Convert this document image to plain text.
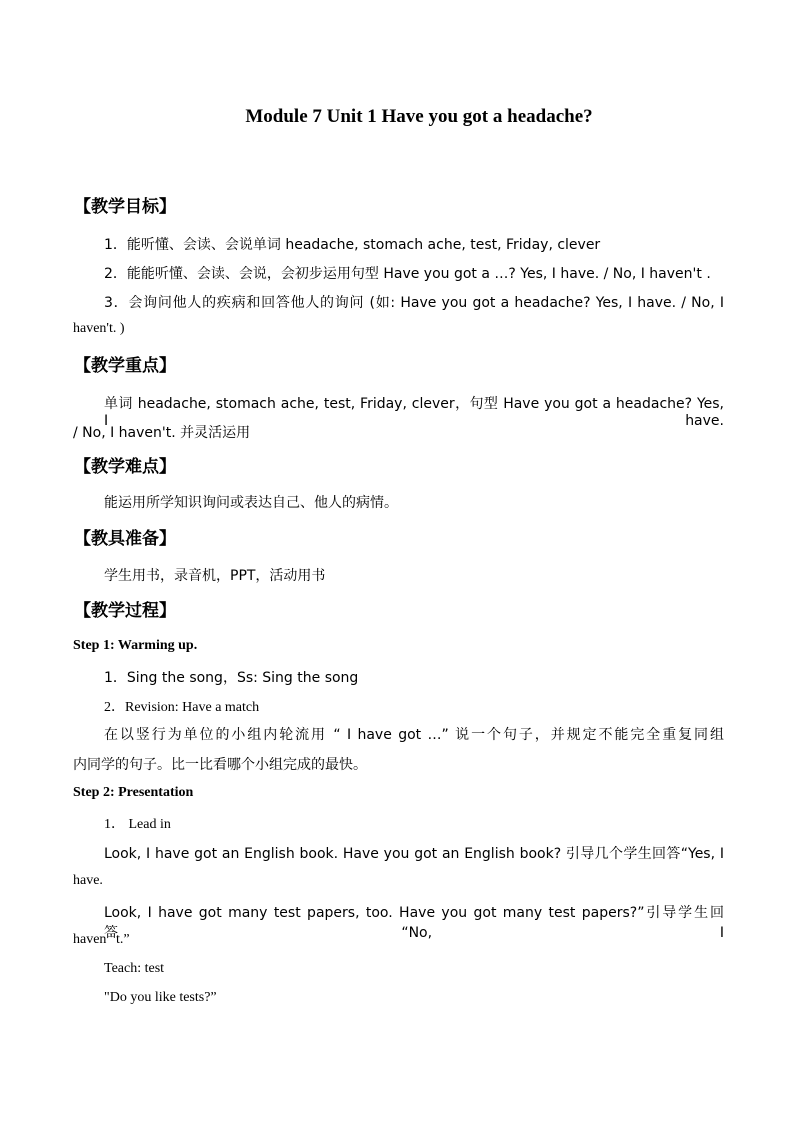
Module 7 Unit 1 Have you got a headache?
【教学目标】
1．能听懂、会读、会说单词 headache, stomach ache, test, Friday, clever
2．能能听懂、会读、会说，会初步运用句型 Have you got a …? Yes, I have. / No, I haven't .
3．会询问他人的疾病和回答他人的询问 (如: Have you got a headache? Yes, I have. / No, I
haven't. )
【教学重点】
单词 headache, stomach ache, test, Friday, clever，句型 Have you got a headache? Yes, I have.
/ No, I haven't. 并灵活运用
【教学难点】
能运用所学知识询问或表达自己、他人的病情。
【教具准备】
学生用书，录音机，PPT，活动用书
【教学过程】
Step 1: Warming up.
1．Sing the song，Ss: Sing the song
2．Revision: Have a match
在以竖行为单位的小组内轮流用 “ I have got …” 说一个句子，并规定不能完全重复同组
内同学的句子。比一比看哪个小组完成的最快。
Step 2: Presentation
1． Lead in
Look, I have got an English book. Have you got an English book? 引导几个学生回答“Yes, I
have.
Look, I have got many test papers, too. Have you got many test papers?”引导学生回答“No, I
haven ' t.”
Teach: test
"Do you like tests?”
